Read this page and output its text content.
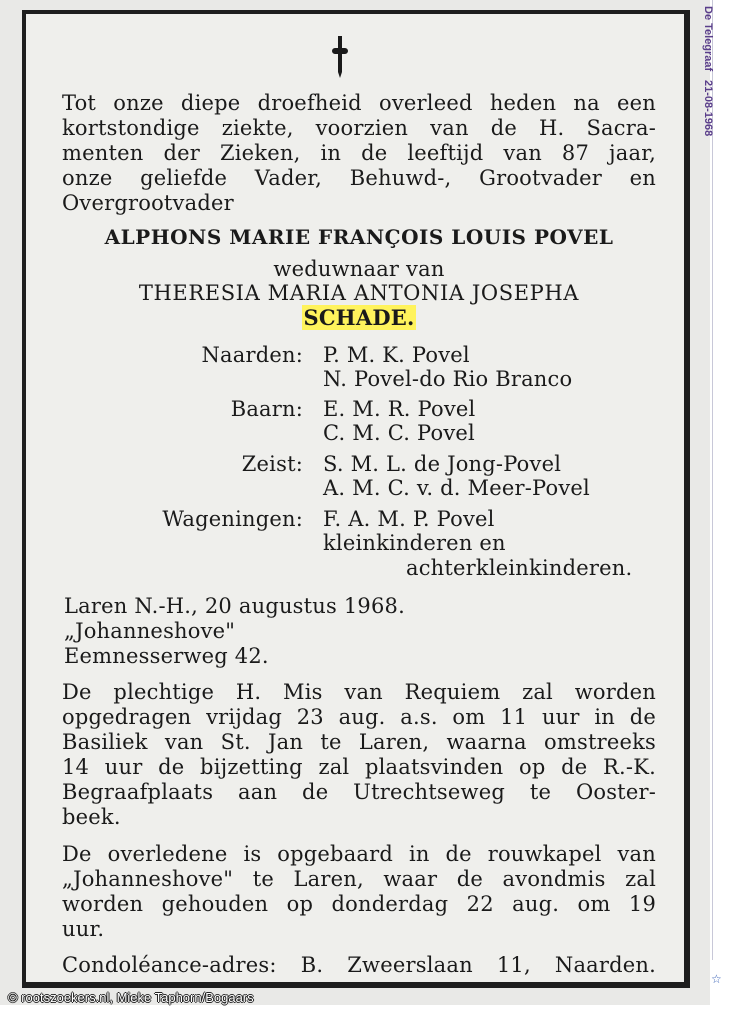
Tot onze diepe droefheid overleed heden na een
kortstondige ziekte, voorzien van de H. Sacra-
menten der Zieken, in de leeftijd van 87 jaar,
onze geliefde Vader, Behuwd-, Grootvader en
Overgrootvader
ALPHONS MARIE FRANÇOIS LOUIS POVEL
weduwnaar van
THERESIA MARIA ANTONIA JOSEPHA
SCHADE.
Naarden: P. M. K. Povel
N. Povel-do Rio Branco
Baarn: E. M. R. Povel
C. M. C. Povel
Zeist: S. M. L. de Jong-Povel
A. M. C. v. d. Meer-Povel
Wageningen: F. A. M. P. Povel
kleinkinderen en
achterkleinkinderen.
Laren N.-H., 20 augustus 1968.
„Johanneshove"
Eemnesserweg 42.
De plechtige H. Mis van Requiem zal worden
opgedragen vrijdag 23 aug. a.s. om 11 uur in de
Basiliek van St. Jan te Laren, waarna omstreeks
14 uur de bijzetting zal plaatsvinden op de R.-K.
Begraafplaats aan de Utrechtseweg te Ooster-
beek.
De overledene is opgebaard in de rouwkapel van
„Johanneshove" te Laren, waar de avondmis zal
worden gehouden op donderdag 22 aug. om 19
uur.
Condoléance-adres: B. Zweerslaan 11, Naarden.
De Telegraaf 21-08-1968
☆
© rootszoekers.nl, Mieke Taphorn/Bogaars
